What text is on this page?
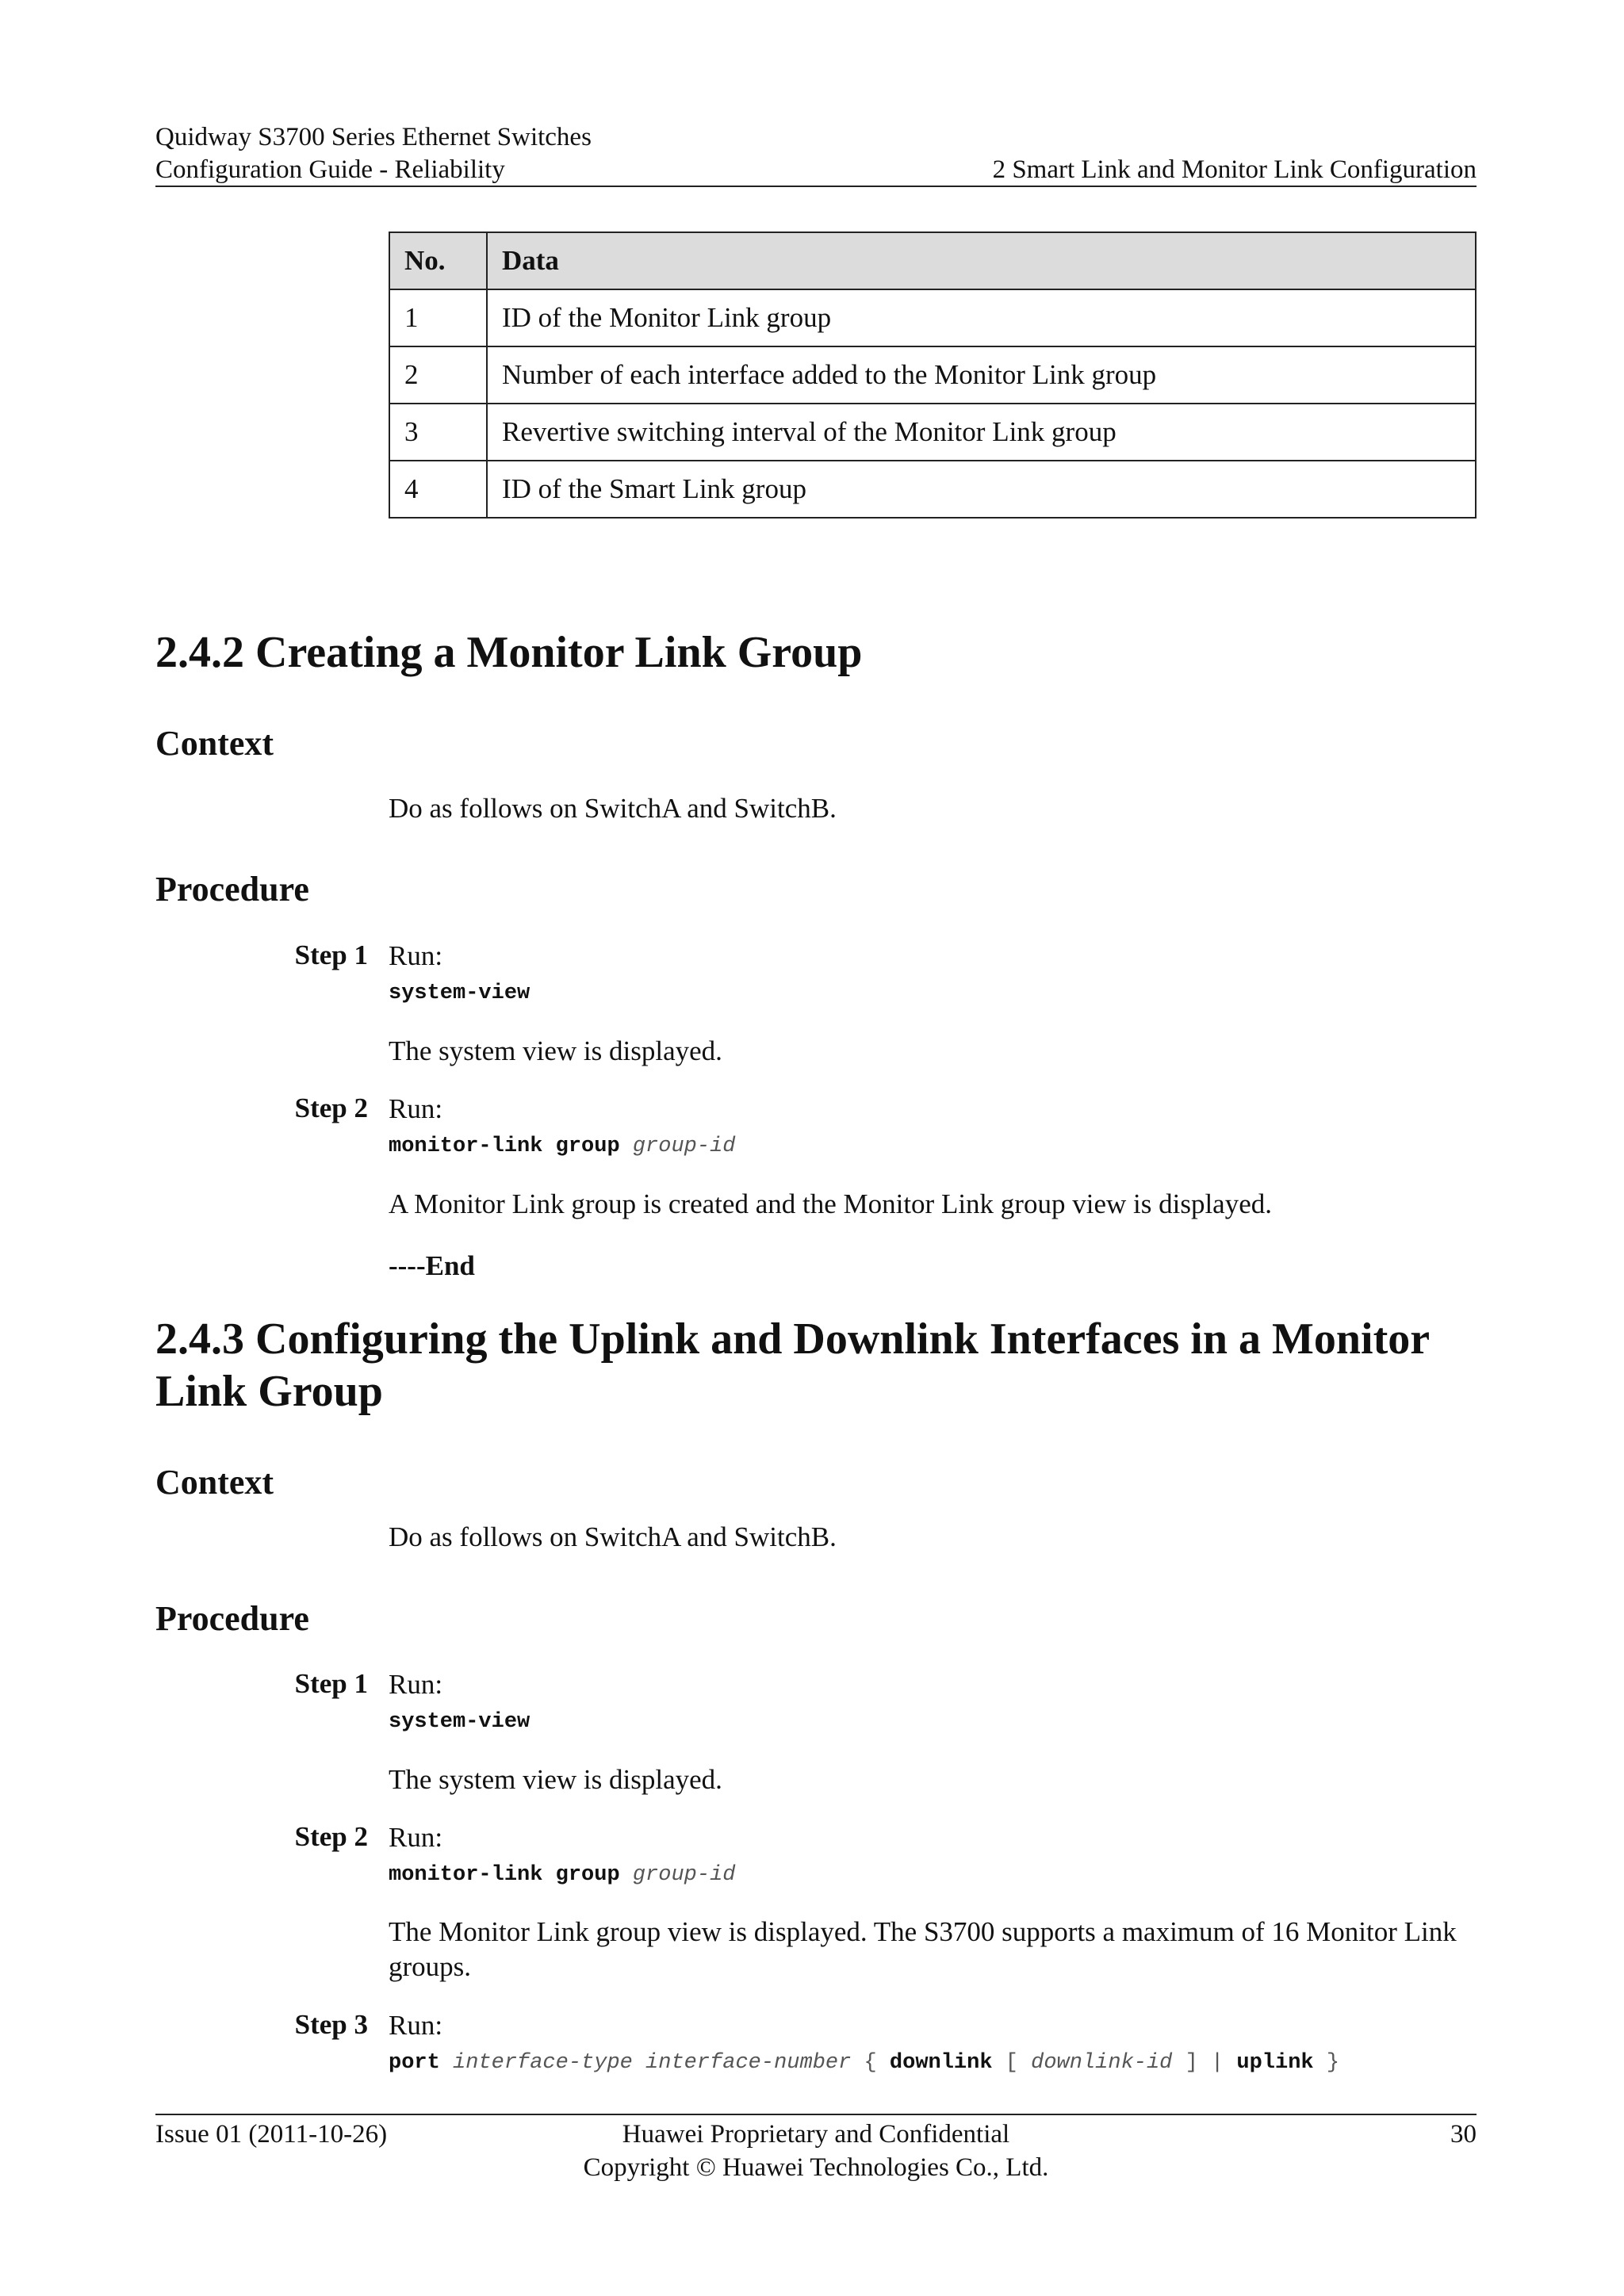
Quidway S3700 Series Ethernet Switches
Configuration Guide - Reliability	2 Smart Link and Monitor Link Configuration
No.	Data
1	ID of the Monitor Link group
2	Number of each interface added to the Monitor Link group
3	Revertive switching interval of the Monitor Link group
4	ID of the Smart Link group
2.4.2 Creating a Monitor Link Group
Context
Do as follows on SwitchA and SwitchB.
Procedure
Step 1 Run:
system-view
The system view is displayed.
Step 2 Run:
monitor-link group group-id
A Monitor Link group is created and the Monitor Link group view is displayed.
----End
2.4.3 Configuring the Uplink and Downlink Interfaces in a Monitor
Link Group
Context
Do as follows on SwitchA and SwitchB.
Procedure
Step 1 Run:
system-view
The system view is displayed.
Step 2 Run:
monitor-link group group-id
The Monitor Link group view is displayed. The S3700 supports a maximum of 16 Monitor Link
groups.
Step 3 Run:
port interface-type interface-number { downlink [ downlink-id ] | uplink }
Issue 01 (2011-10-26)	Huawei Proprietary and Confidential
Copyright © Huawei Technologies Co., Ltd.
30
